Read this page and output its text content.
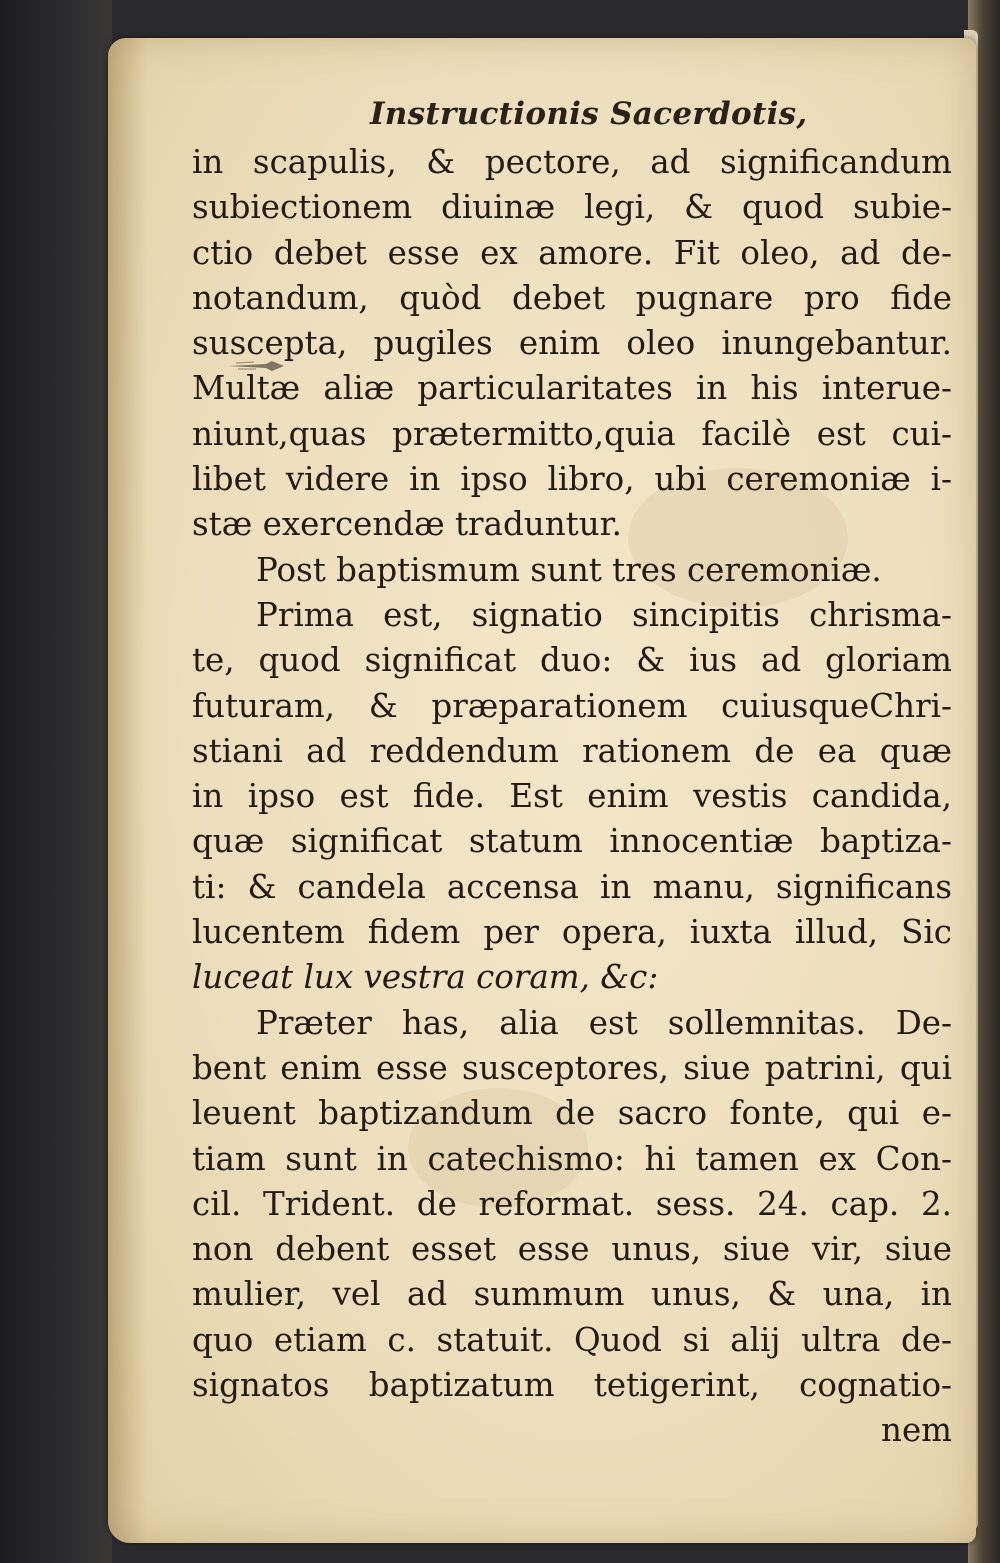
Instructionis Sacerdotis,
in scapulis, & pectore, ad significandum
subiectionem diuinæ legi, & quod subie-
ctio debet esse ex amore. Fit oleo, ad de-
notandum, quòd debet pugnare pro fide
suscepta, pugiles enim oleo inungebantur.
Multæ aliæ particularitates in his interue-
niunt,quas prætermitto,quia facilè est cui-
libet videre in ipso libro, ubi ceremoniæ i-
stæ exercendæ traduntur.
Post baptismum sunt tres ceremoniæ.
Prima est, signatio sincipitis chrisma-
te, quod significat duo: & ius ad gloriam
futuram, & præparationem cuiusqueChri-
stiani ad reddendum rationem de ea quæ
in ipso est fide. Est enim vestis candida,
quæ significat statum innocentiæ baptiza-
ti: & candela accensa in manu, significans
lucentem fidem per opera, iuxta illud, Sic
luceat lux vestra coram, &c:
Præter has, alia est sollemnitas. De-
bent enim esse susceptores, siue patrini, qui
leuent baptizandum de sacro fonte, qui e-
tiam sunt in catechismo: hi tamen ex Con-
cil. Trident. de reformat. sess. 24. cap. 2.
non debent esset esse unus, siue vir, siue
mulier, vel ad summum unus, & una, in
quo etiam c. statuit. Quod si alij ultra de-
signatos baptizatum tetigerint, cognatio-
nem
